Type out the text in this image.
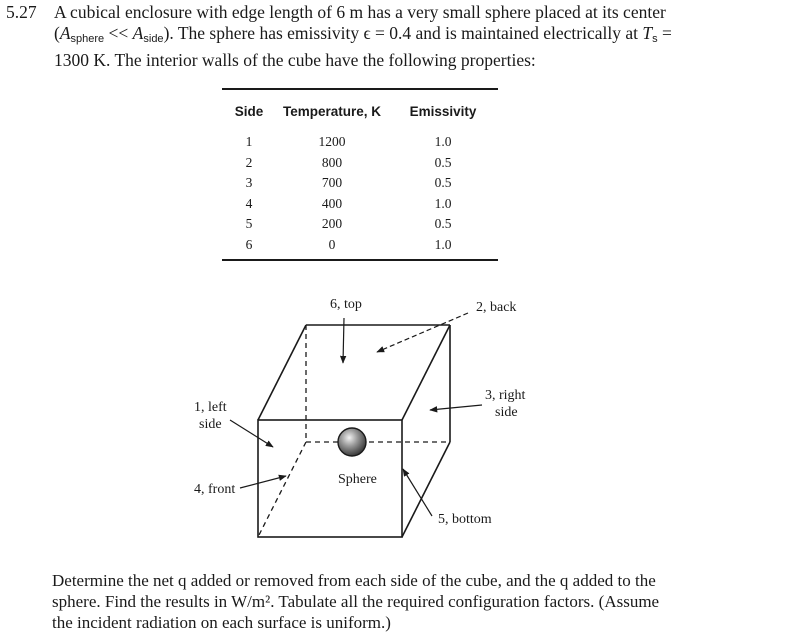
5.27 A cubical enclosure with edge length of 6 m has a very small sphere placed at its center
$(A_{sphere} << A_{side})$. The sphere has emissivity ϵ = 0.4 and is maintained electrically at $T_s$ =
1300 K. The interior walls of the cube have the following properties:
Side	Temperature, K	Emissivity
1	1200	1.0
2	800	0.5
3	700	0.5
4	400	1.0
5	200	0.5
6	0	1.0
6, top	2, back
3, right
side
1, left
side
4, front
Sphere
5, bottom
Determine the net q added or removed from each side of the cube, and the q added to the
sphere. Find the results in W/m². Tabulate all the required configuration factors. (Assume
the incident radiation on each surface is uniform.)
